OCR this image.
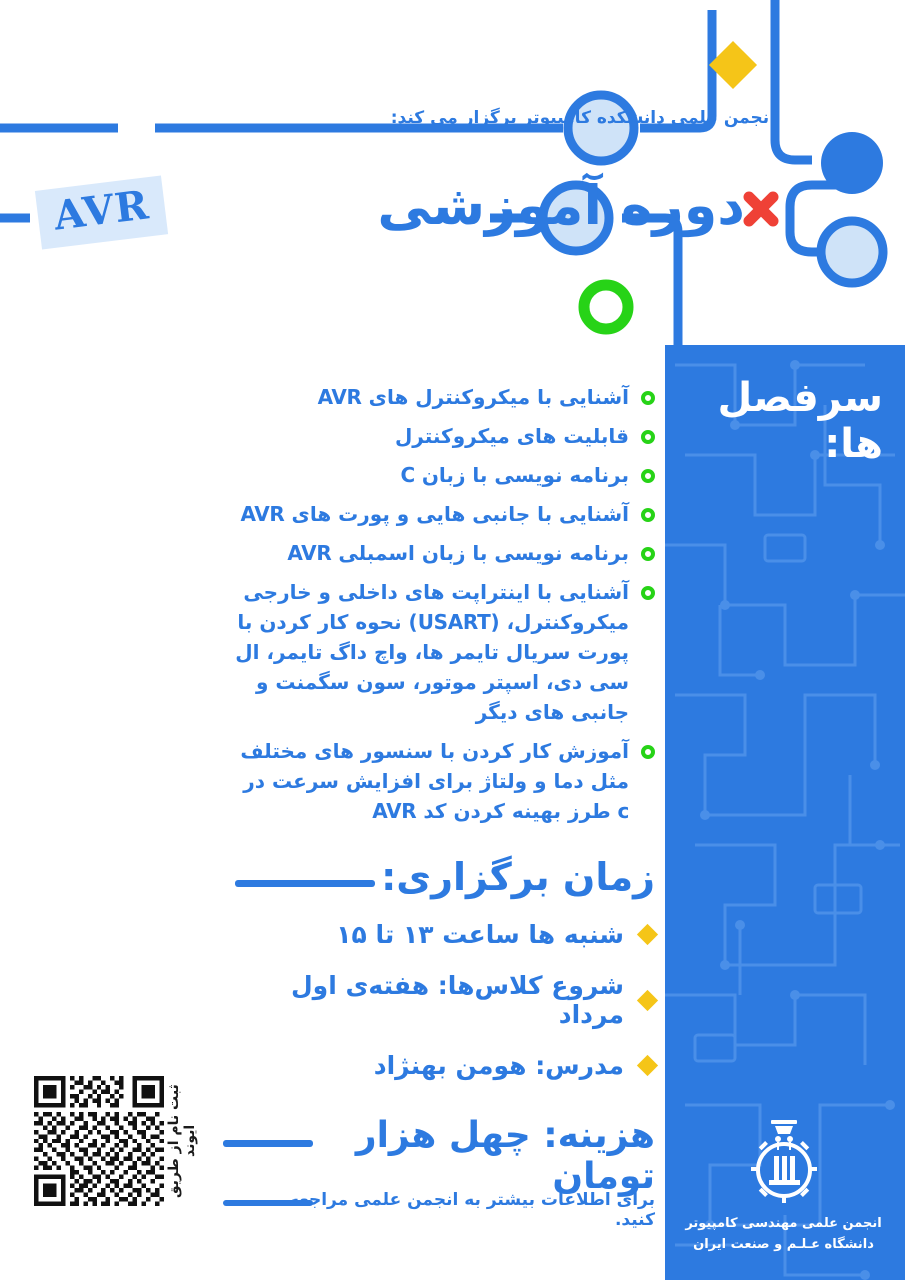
انجمن علمی دانشکده کامپیوتر برگزار می کند:
دوره آموزشی
AVR
سرفصل ها:
زمان برگزاری:
هزینه: چهل هزار تومان
آشنایی با میکروکنترل های AVR
قابلیت های میکروکنترل
برنامه نویسی با زبان C
آشنایی با جانبی هایی و پورت های AVR
برنامه نویسی با زبان اسمبلی AVR
آشنایی با اینتراپت های داخلی و خارجی میکروکنترل، (USART) نحوه کار کردن با پورت سریال تایمر ها، واچ داگ تایمر، ال سی دی، اسپتر موتور، سون سگمنت و جانبی های دیگر
آموزش کار کردن با سنسور های مختلف مثل دما و ولتاژ برای افزایش سرعت در c طرز بهینه کردن کد AVR
شنبه ها ساعت ۱۳ تا ۱۵
شروع کلاس‌ها: هفته‌ی اول مرداد
مدرس: هومن بهنژاد
برای اطلاعات بیشتر به انجمن علمی مراجعه کنید.
ثبت نام از طریق ایوند
انجمن علمی مهندسی کامپیوتر
دانشگاه عـلـم و صنعت ایران
